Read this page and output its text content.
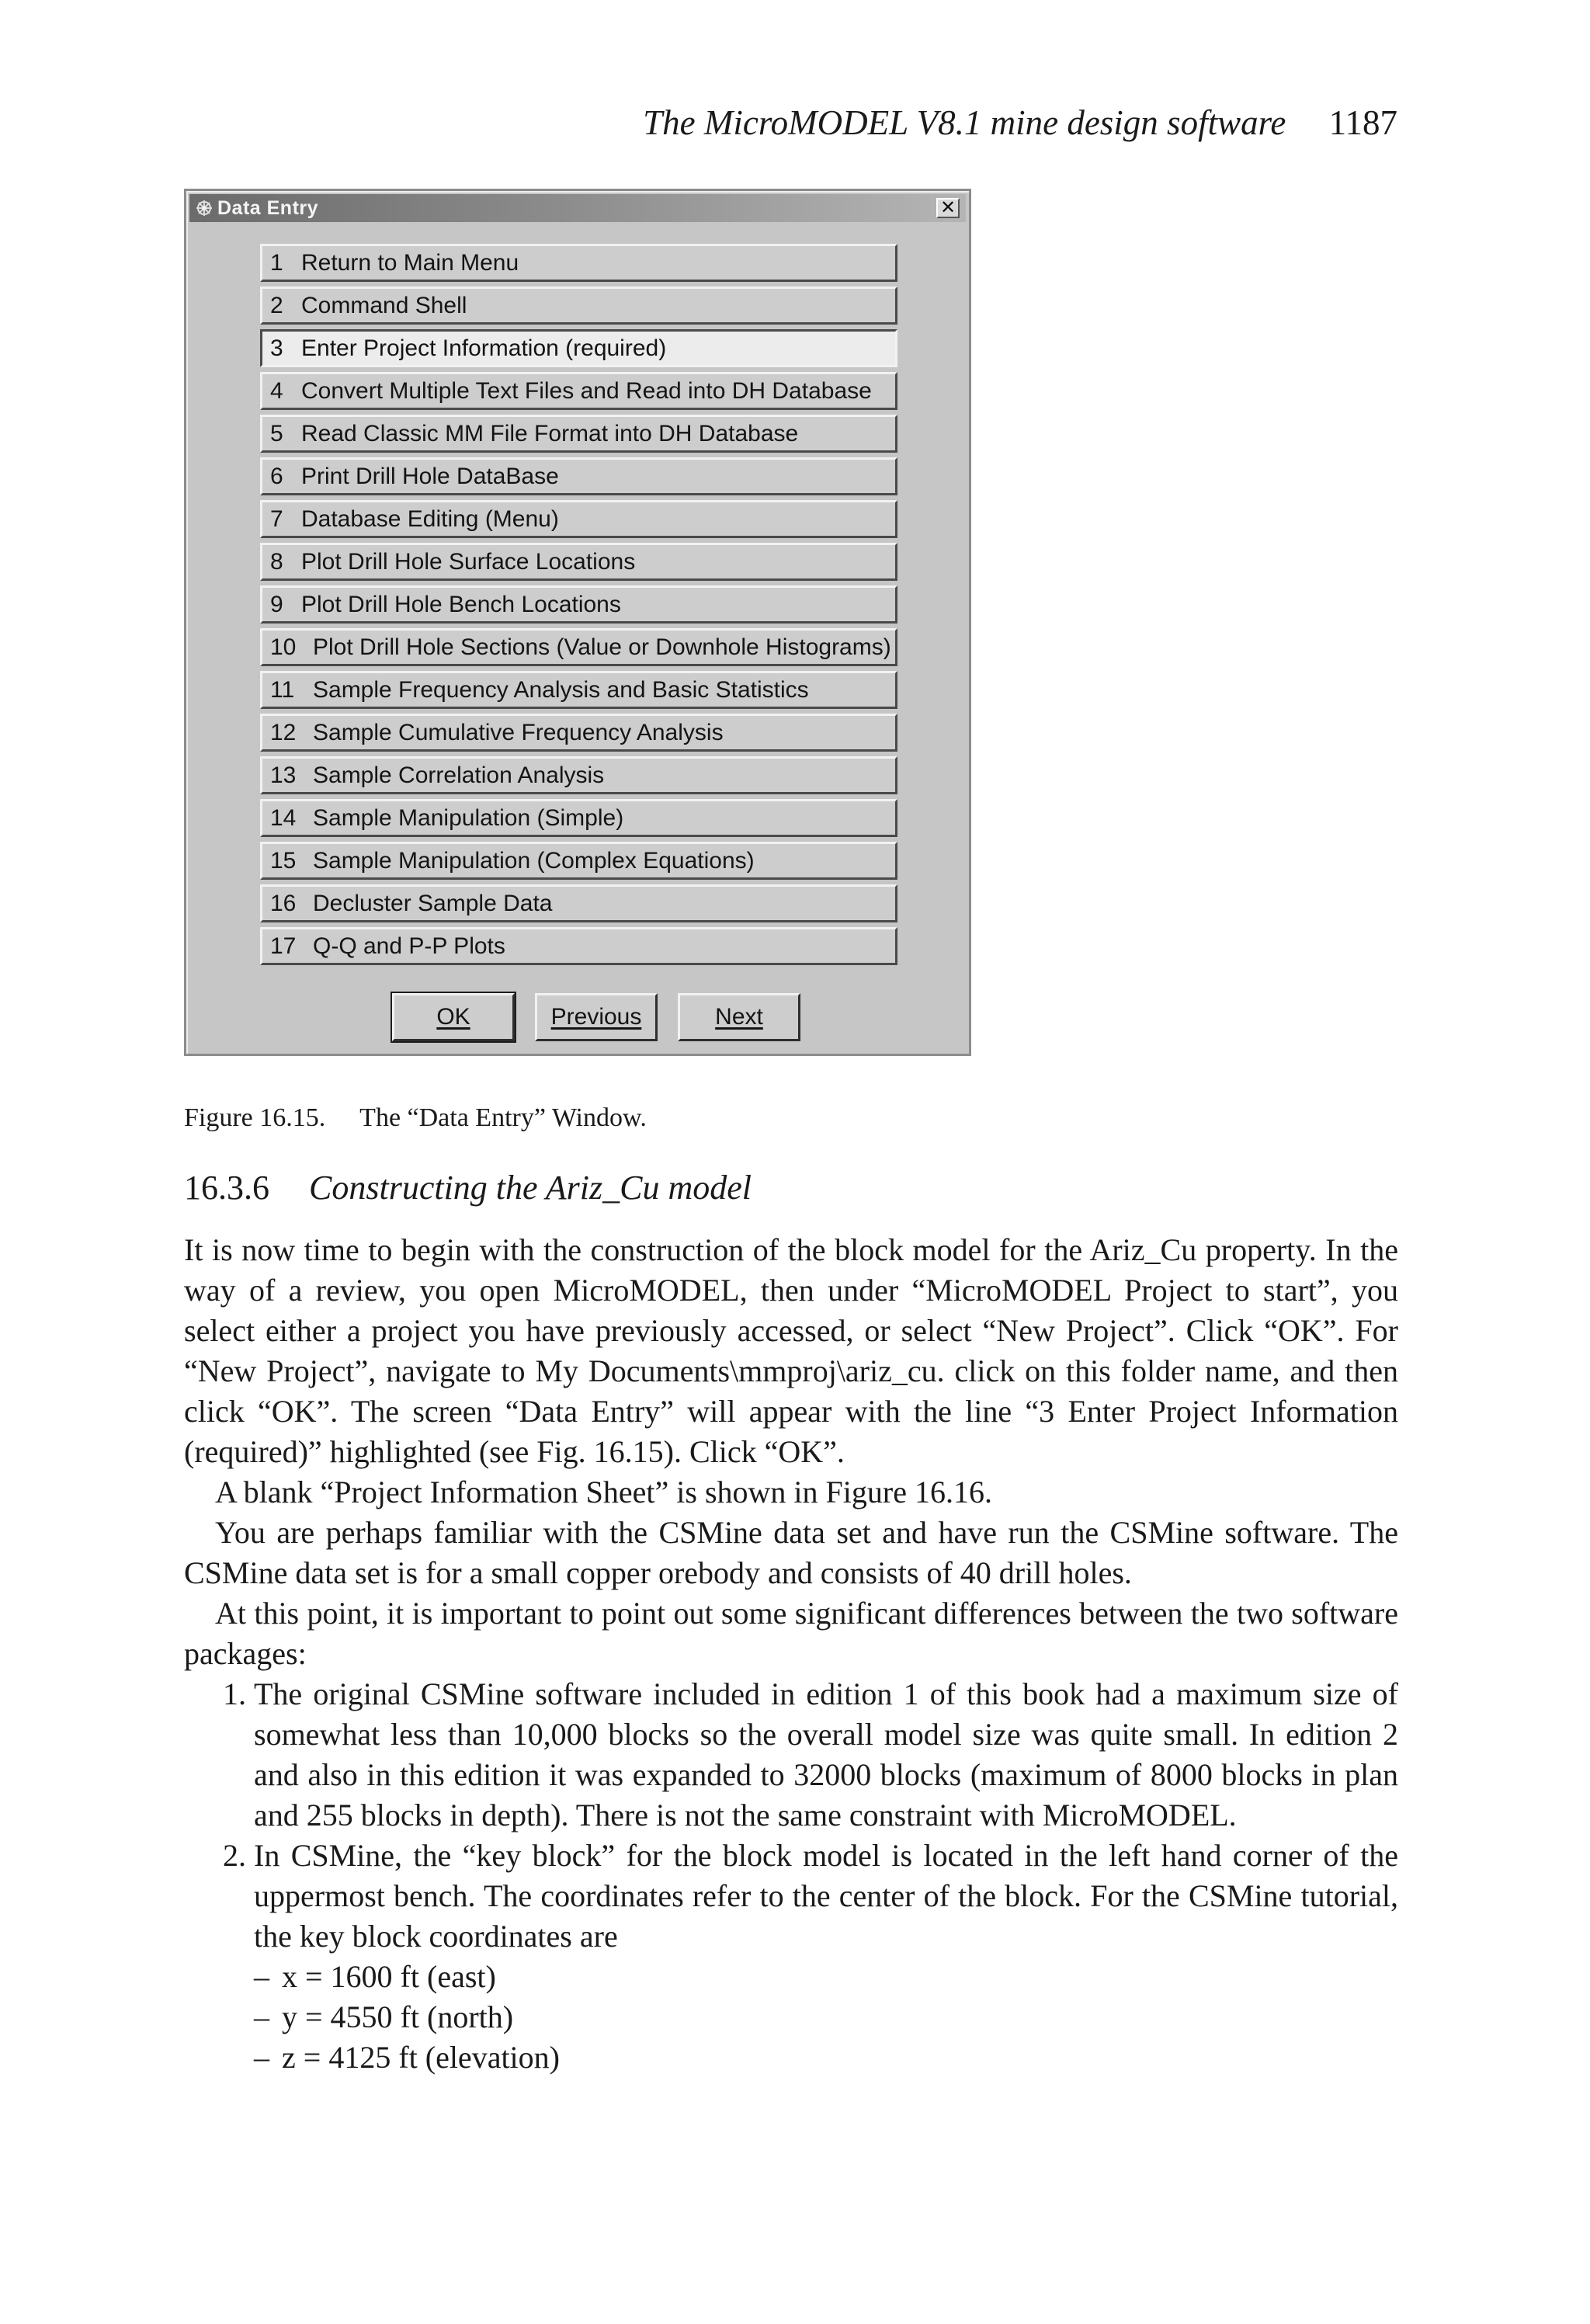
The MicroMODEL V8.1 mine design software 1187
Data Entry	✕
1 Return to Main Menu
2 Command Shell
3 Enter Project Information (required)
4 Convert Multiple Text Files and Read into DH Database
5 Read Classic MM File Format into DH Database
6 Print Drill Hole DataBase
7 Database Editing (Menu)
8 Plot Drill Hole Surface Locations
9 Plot Drill Hole Bench Locations
10 Plot Drill Hole Sections (Value or Downhole Histograms)
11 Sample Frequency Analysis and Basic Statistics
12 Sample Cumulative Frequency Analysis
13 Sample Correlation Analysis
14 Sample Manipulation (Simple)
15 Sample Manipulation (Complex Equations)
16 Decluster Sample Data
17 Q-Q and P-P Plots
OK	Previous	Next
Figure 16.15. The “Data Entry” Window.
16.3.6 Constructing the Ariz_Cu model

It is now time to begin with the construction of the block model for the Ariz_Cu property. In the way of a review, you open MicroMODEL, then under “MicroMODEL Project to start”, you select either a project you have previously accessed, or select “New Project”. Click “OK”. For “New Project”, navigate to My Documents\mmproj\ariz_cu. click on this folder name, and then click “OK”. The screen “Data Entry” will appear with the line “3 Enter Project Information (required)” highlighted (see Fig. 16.15). Click “OK”.

A blank “Project Information Sheet” is shown in Figure 16.16.

You are perhaps familiar with the CSMine data set and have run the CSMine software. The CSMine data set is for a small copper orebody and consists of 40 drill holes.

At this point, it is important to point out some significant differences between the two software packages:

1. The original CSMine software included in edition 1 of this book had a maximum size of somewhat less than 10,000 blocks so the overall model size was quite small. In edition 2 and also in this edition it was expanded to 32000 blocks (maximum of 8000 blocks in plan and 255 blocks in depth). There is not the same constraint with MicroMODEL.
2. In CSMine, the “key block” for the block model is located in the left hand corner of the uppermost bench. The coordinates refer to the center of the block. For the CSMine tutorial, the key block coordinates are
– x = 1600 ft (east)
– y = 4550 ft (north)
– z = 4125 ft (elevation)
